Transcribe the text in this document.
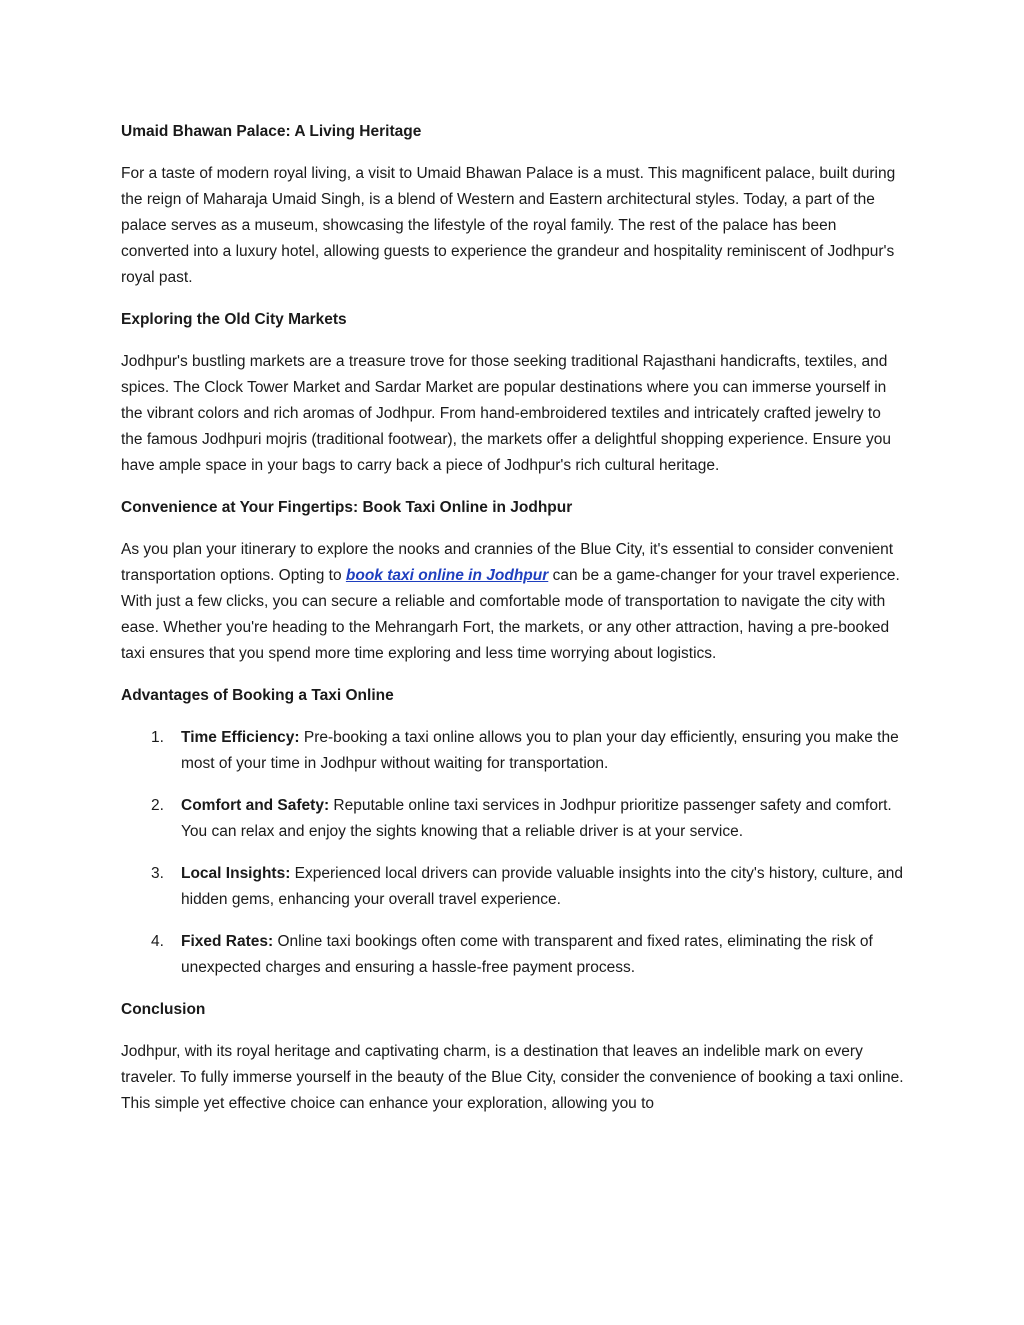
Umaid Bhawan Palace: A Living Heritage

For a taste of modern royal living, a visit to Umaid Bhawan Palace is a must. This magnificent palace, built during the reign of Maharaja Umaid Singh, is a blend of Western and Eastern architectural styles. Today, a part of the palace serves as a museum, showcasing the lifestyle of the royal family. The rest of the palace has been converted into a luxury hotel, allowing guests to experience the grandeur and hospitality reminiscent of Jodhpur's royal past.

Exploring the Old City Markets

Jodhpur's bustling markets are a treasure trove for those seeking traditional Rajasthani handicrafts, textiles, and spices. The Clock Tower Market and Sardar Market are popular destinations where you can immerse yourself in the vibrant colors and rich aromas of Jodhpur. From hand-embroidered textiles and intricately crafted jewelry to the famous Jodhpuri mojris (traditional footwear), the markets offer a delightful shopping experience. Ensure you have ample space in your bags to carry back a piece of Jodhpur's rich cultural heritage.

Convenience at Your Fingertips: Book Taxi Online in Jodhpur

As you plan your itinerary to explore the nooks and crannies of the Blue City, it's essential to consider convenient transportation options. Opting to book taxi online in Jodhpur can be a game-changer for your travel experience. With just a few clicks, you can secure a reliable and comfortable mode of transportation to navigate the city with ease. Whether you're heading to the Mehrangarh Fort, the markets, or any other attraction, having a pre-booked taxi ensures that you spend more time exploring and less time worrying about logistics.

Advantages of Booking a Taxi Online
1. Time Efficiency: Pre-booking a taxi online allows you to plan your day efficiently, ensuring you make the most of your time in Jodhpur without waiting for transportation.
2. Comfort and Safety: Reputable online taxi services in Jodhpur prioritize passenger safety and comfort. You can relax and enjoy the sights knowing that a reliable driver is at your service.
3. Local Insights: Experienced local drivers can provide valuable insights into the city's history, culture, and hidden gems, enhancing your overall travel experience.
4. Fixed Rates: Online taxi bookings often come with transparent and fixed rates, eliminating the risk of unexpected charges and ensuring a hassle-free payment process.
Conclusion

Jodhpur, with its royal heritage and captivating charm, is a destination that leaves an indelible mark on every traveler. To fully immerse yourself in the beauty of the Blue City, consider the convenience of booking a taxi online. This simple yet effective choice can enhance your exploration, allowing you to
